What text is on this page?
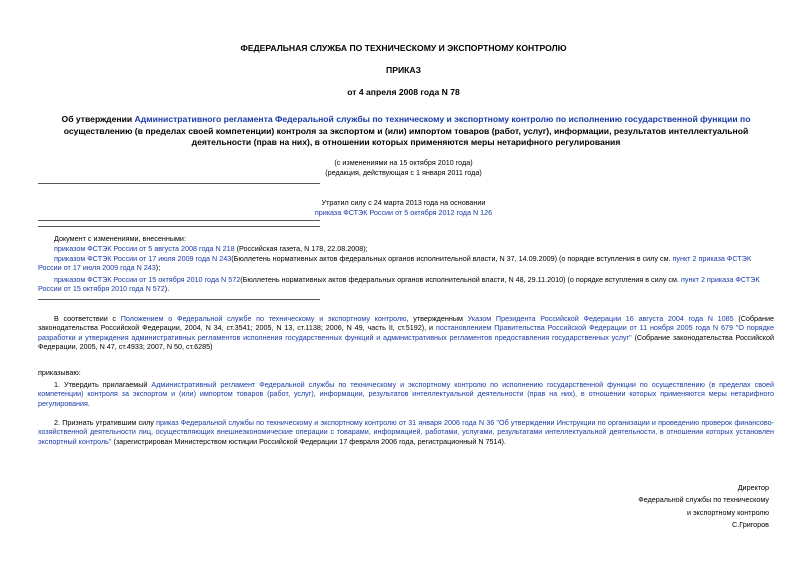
ФЕДЕРАЛЬНАЯ СЛУЖБА ПО ТЕХНИЧЕСКОМУ И ЭКСПОРТНОМУ КОНТРОЛЮ
ПРИКАЗ
от 4 апреля 2008 года N 78
Об утверждении Административного регламента Федеральной службы по техническому и экспортному контролю по исполнению государственной функции по осуществлению (в пределах своей компетенции) контроля за экспортом и (или) импортом товаров (работ, услуг), информации, результатов интеллектуальной деятельности (прав на них), в отношении которых применяются меры нетарифного регулирования
(с изменениями на 15 октября 2010 года)
(редакция, действующая с 1 января 2011 года)
Утратил силу с 24 марта 2013 года на основании
приказа ФСТЭК России от 5 октября 2012 года N 126
Документ с изменениями, внесенными:
приказом ФСТЭК России от 5 августа 2008 года N 218 (Российская газета, N 178, 22.08.2008);
приказом ФСТЭК России от 17 июля 2009 года N 243(Бюллетень нормативных актов федеральных органов исполнительной власти, N 37, 14.09.2009) (о порядке вступления в силу см. пункт 2 приказа ФСТЭК России от 17 июля 2009 года N 243);
приказом ФСТЭК России от 15 октября 2010 года N 572(Бюллетень нормативных актов федеральных органов исполнительной власти, N 48, 29.11.2010) (о порядке вступления в силу см. пункт 2 приказа ФСТЭК России от 15 октября 2010 года N 572).
В соответствии с Положением о Федеральной службе по техническому и экспортному контролю, утвержденным Указом Президента Российской Федерации 16 августа 2004 года N 1085 (Собрание законодательства Российской Федерации, 2004, N 34, ст.3541; 2005, N 13, ст.1138; 2006, N 49, часть II, ст.5192), и постановлением Правительства Российской Федерации от 11 ноября 2005 года N 679 "О порядке разработки и утверждения административных регламентов исполнения государственных функций и административных регламентов предоставления государственных услуг" (Собрание законодательства Российской Федерации, 2005, N 47, ст.4933; 2007, N 50, ст.6285)
приказываю:
1. Утвердить прилагаемый Административный регламент Федеральной службы по техническому и экспортному контролю по исполнению государственной функции по осуществлению (в пределах своей компетенции) контроля за экспортом и (или) импортом товаров (работ, услуг), информации, результатов интеллектуальной деятельности (прав на них), в отношении которых применяются меры нетарифного регулирования.
2. Признать утратившим силу приказ Федеральной службы по техническому и экспортному контролю от 31 января 2006 года N 36 "Об утверждении Инструкции по организации и проведению проверок финансово-хозяйственной деятельности лиц, осуществляющих внешнеэкономические операции с товарами, информацией, работами, услугами, результатами интеллектуальной деятельности, в отношении которых установлен экспортный контроль" (зарегистрирован Министерством юстиции Российской Федерации 17 февраля 2006 года, регистрационный N 7514).
Директор
Федеральной службы по техническому
и экспортному контролю
С.Григоров
